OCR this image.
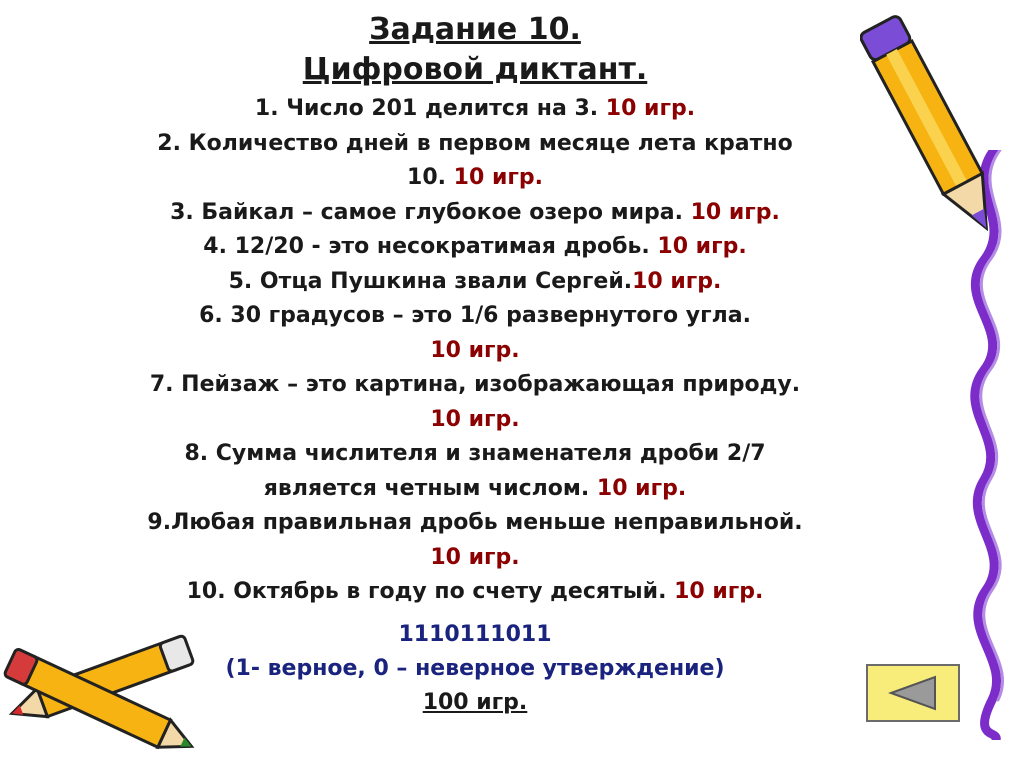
Задание 10.
Цифровой диктант.
1. Число 201 делится на 3. 10 игр.
2. Количество дней в первом месяце лета кратно
10. 10 игр.
3. Байкал – самое глубокое озеро мира. 10 игр.
4. 12/20 - это несократимая дробь. 10 игр.
5. Отца Пушкина звали Сергей.10 игр.
6. 30 градусов – это 1/6 развернутого угла.
10 игр.
7. Пейзаж – это картина, изображающая природу.
10 игр.
8. Сумма числителя и знаменателя дроби 2/7
является четным числом. 10 игр.
9.Любая правильная дробь меньше неправильной.
10 игр.
10. Октябрь в году по счету десятый. 10 игр.
1110111011
(1- верное, 0 – неверное утверждение)
100 игр.
